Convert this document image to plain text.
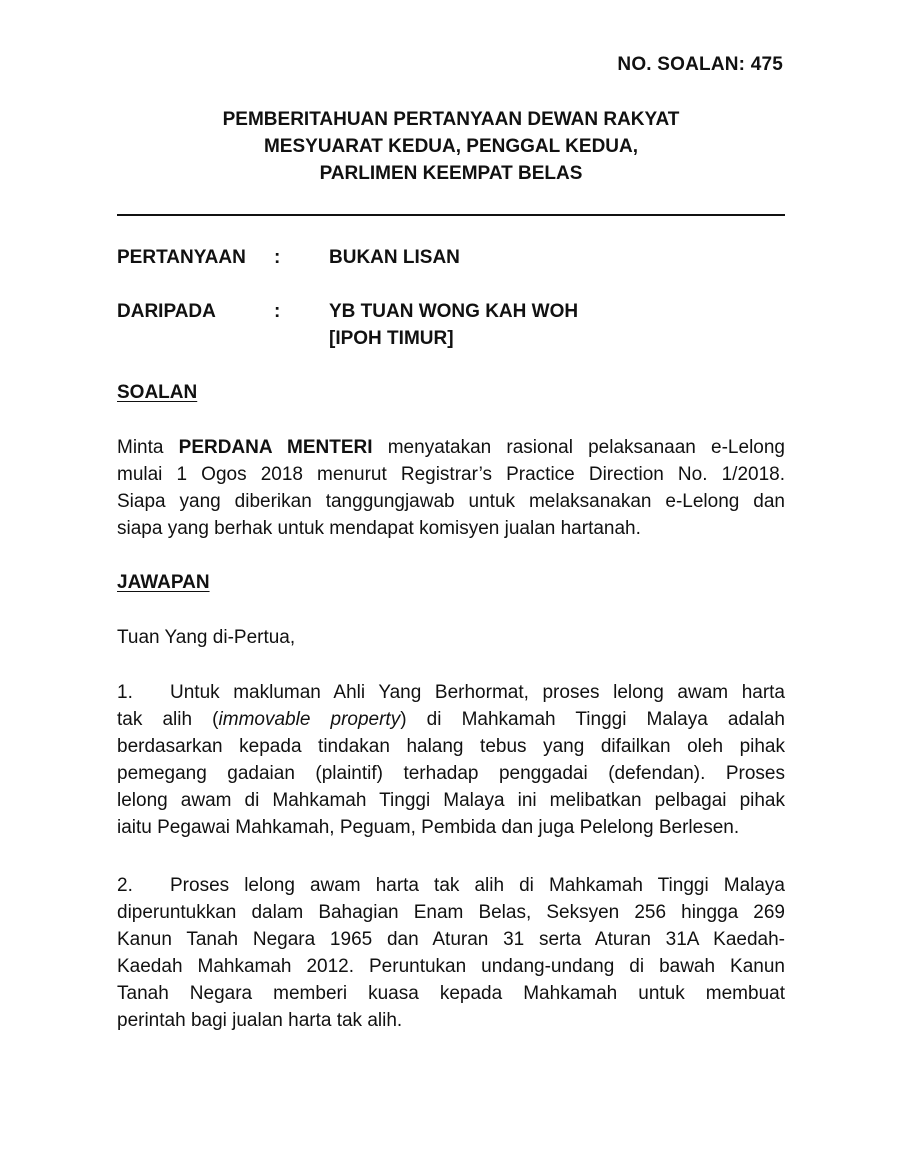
NO. SOALAN: 475
PEMBERITAHUAN PERTANYAAN DEWAN RAKYAT
MESYUARAT KEDUA, PENGGAL KEDUA,
PARLIMEN KEEMPAT BELAS
PERTANYAAN :	BUKAN LISAN
DARIPADA	:	YB TUAN WONG KAH WOH
[IPOH TIMUR]
SOALAN
Minta PERDANA MENTERI menyatakan rasional pelaksanaan e-Lelong
mulai 1 Ogos 2018 menurut Registrar’s Practice Direction No. 1/2018.
Siapa yang diberikan tanggungjawab untuk melaksanakan e-Lelong dan
siapa yang berhak untuk mendapat komisyen jualan hartanah.
JAWAPAN
Tuan Yang di-Pertua,
1. Untuk makluman Ahli Yang Berhormat, proses lelong awam harta
tak alih (immovable property) di Mahkamah Tinggi Malaya adalah
berdasarkan kepada tindakan halang tebus yang difailkan oleh pihak
pemegang gadaian (plaintif) terhadap penggadai (defendan). Proses
lelong awam di Mahkamah Tinggi Malaya ini melibatkan pelbagai pihak
iaitu Pegawai Mahkamah, Peguam, Pembida dan juga Pelelong Berlesen.
2. Proses lelong awam harta tak alih di Mahkamah Tinggi Malaya
diperuntukkan dalam Bahagian Enam Belas, Seksyen 256 hingga 269
Kanun Tanah Negara 1965 dan Aturan 31 serta Aturan 31A Kaedah-
Kaedah Mahkamah 2012. Peruntukan undang-undang di bawah Kanun
Tanah Negara memberi kuasa kepada Mahkamah untuk membuat
perintah bagi jualan harta tak alih.
